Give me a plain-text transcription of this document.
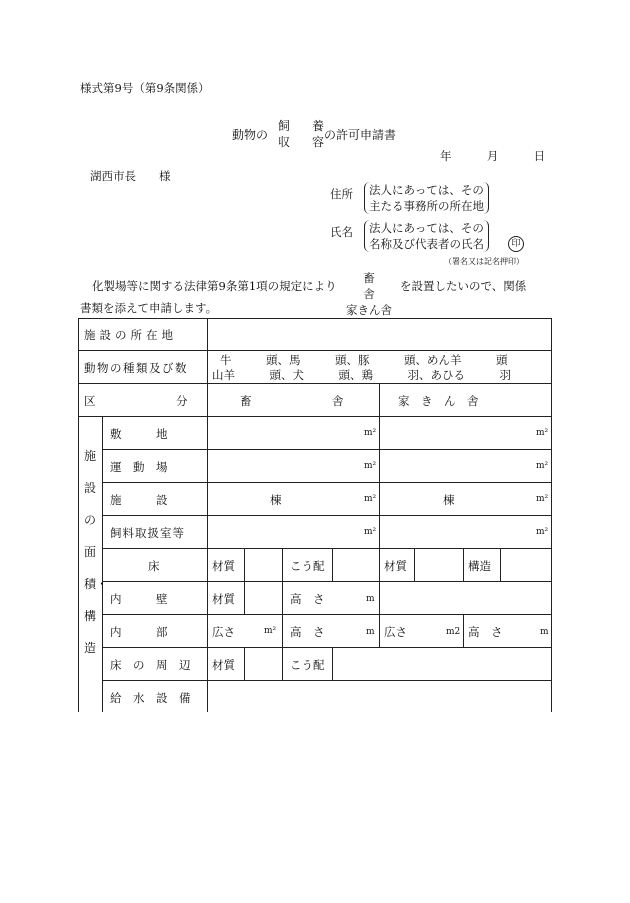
様式第9号（第9条関係）
動物の
飼　養
収　容
の許可申請書
年	月	日
湖西市長　　様
住所 法人にあっては、その
主たる事務所の所在地
氏名 法人にあっては、その
名称及び代表者の氏名	印
（署名又は記名押印）
化製場等に関する法律第9条第1項の規定により
畜　舎
家きん舎
を設置したいので、関係
書類を添えて申請します。
施設の所在地
動物の種類及び数
牛　　　頭、馬　　　頭、豚　　　頭、めん羊　　　頭
山羊　　　頭、犬　　　頭、鶏　　　羽、あひる　　　羽
区　　　　　　　分	畜　　　　　　　舎	家　き　ん　舎
施設の面積・構造
敷　　　地	m²	m²
運　動　場	m²	m²
施　　　設	棟	m²	棟	m²
飼料取扱室等	m²	m²
床	材質	こう配	材質	構造
内　　　壁	材質	高　さ	m
内　　　部	広さ	m² 高　さ	m 広さ	m2 高　さ	m
床　の　周　辺 材質	こう配
給　水　設　備
